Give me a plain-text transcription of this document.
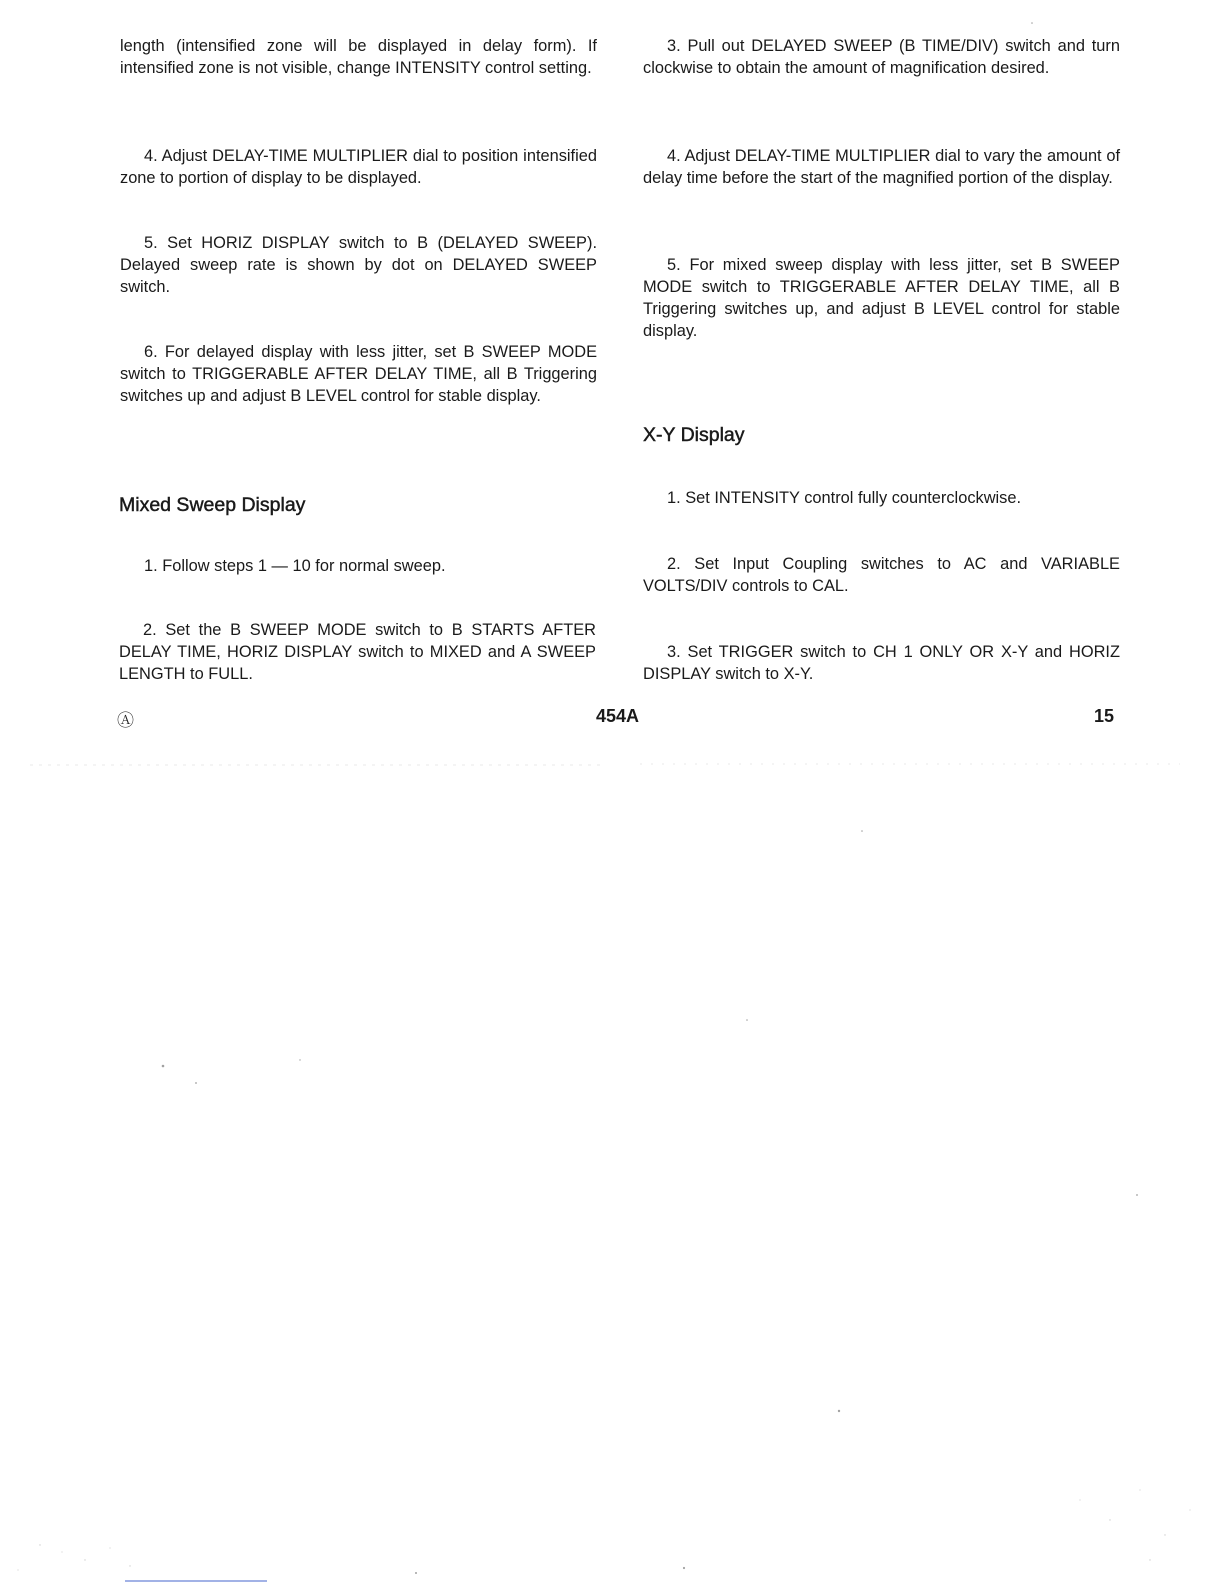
length (intensified zone will be displayed in delay form). If intensified zone is not visible, change INTENSITY control setting.

4. Adjust DELAY-TIME MULTIPLIER dial to position intensified zone to portion of display to be displayed.

5. Set HORIZ DISPLAY switch to B (DELAYED SWEEP). Delayed sweep rate is shown by dot on DELAYED SWEEP switch.

6. For delayed display with less jitter, set B SWEEP MODE switch to TRIGGERABLE AFTER DELAY TIME, all B Triggering switches up and adjust B LEVEL control for stable display.

Mixed Sweep Display

1. Follow steps 1 — 10 for normal sweep.

2. Set the B SWEEP MODE switch to B STARTS AFTER DELAY TIME, HORIZ DISPLAY switch to MIXED and A SWEEP LENGTH to FULL.

3. Pull out DELAYED SWEEP (B TIME/DIV) switch and turn clockwise to obtain the amount of magnification desired.

4. Adjust DELAY-TIME MULTIPLIER dial to vary the amount of delay time before the start of the magnified portion of the display.

5. For mixed sweep display with less jitter, set B SWEEP MODE switch to TRIGGERABLE AFTER DELAY TIME, all B Triggering switches up, and adjust B LEVEL control for stable display.

X-Y Display

1. Set INTENSITY control fully counterclockwise.

2. Set Input Coupling switches to AC and VARIABLE VOLTS/DIV controls to CAL.

3. Set TRIGGER switch to CH 1 ONLY OR X-Y and HORIZ DISPLAY switch to X-Y.

Ⓐ	454A	15
